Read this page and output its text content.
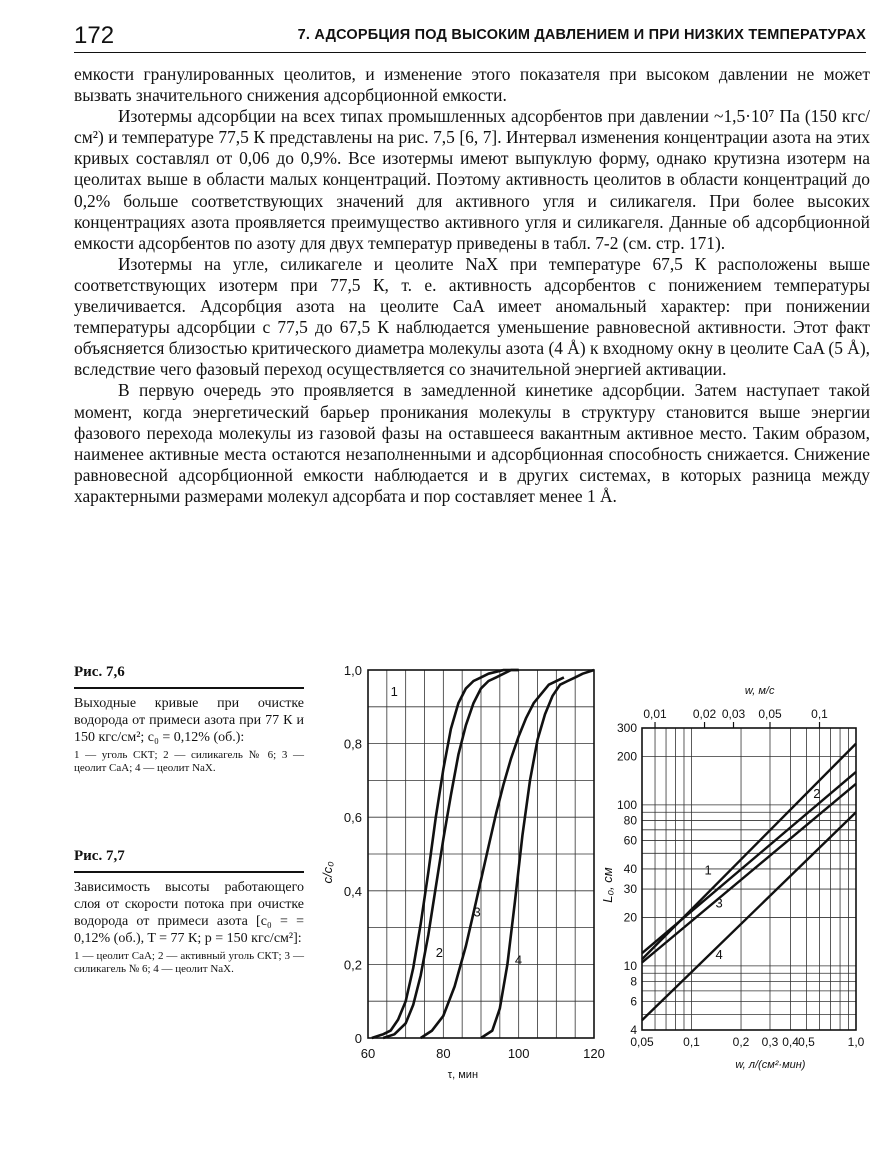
172	7. АДСОРБЦИЯ ПОД ВЫСОКИМ ДАВЛЕНИЕМ И ПРИ НИЗКИХ ТЕМПЕРАТУРАХ

емкости гранулированных цеолитов, и изменение этого показателя при высоком давлении не может вызвать значительного снижения адсорбционной емкости.

Изотермы адсорбции на всех типах промышленных адсорбентов при давлении ~1,5·10⁷ Па (150 кгс/см²) и температуре 77,5 К представлены на рис. 7,5 [6, 7]. Интервал изменения концентрации азота на этих кривых составлял от 0,06 до 0,9%. Все изотермы имеют выпуклую форму, однако крутизна изотерм на цеолитах выше в области малых концентраций. Поэтому активность цеолитов в области концентраций до 0,2% больше соответствующих значений для активного угля и силикагеля. При более высоких концентрациях азота проявляется преимущество активного угля и силикагеля. Данные об адсорбционной емкости адсорбентов по азоту для двух температур приведены в табл. 7-2 (см. стр. 171).

Изотермы на угле, силикагеле и цеолите NaX при температуре 67,5 К расположены выше соответствующих изотерм при 77,5 К, т. е. активность адсорбентов с понижением температуры увеличивается. Адсорбция азота на цеолите CaA имеет аномальный характер: при понижении температуры адсорбции с 77,5 до 67,5 К наблюдается уменьшение равновесной активности. Этот факт объясняется близостью критического диаметра молекулы азота (4 Å) к входному окну в цеолите CaA (5 Å), вследствие чего фазовый переход осуществляется со значительной энергией активации.

В первую очередь это проявляется в замедленной кинетике адсорбции. Затем наступает такой момент, когда энергетический барьер проникания молекулы в структуру становится выше энергии фазового перехода молекулы из газовой фазы на оставшееся вакантным активное место. Таким образом, наименее активные места остаются незаполненными и адсорбционная способность снижается. Снижение равновесной адсорбционной емкости наблюдается и в других системах, в которых разница между характерными размерами молекул адсорбата и пор составляет менее 1 Å.

Рис. 7,6
Выходные кривые при очистке водорода от примеси азота при 77 К и 150 кгс/см²; c₀ = 0,12% (об.):
1 — уголь СКТ; 2 — силикагель № 6; 3 — цеолит CaA; 4 — цеолит NaX.
Рис. 7,7
Зависимость высоты работающего слоя от скорости потока при очистке водорода от примеси азота [c₀ = = 0,12% (об.), T = 77 К; p = 150 кгс/см²]:
1 — цеолит CaA; 2 — активный уголь СКТ; 3 — силикагель № 6; 4 — цеолит NaX.
60	80	100	120
0
0,2
0,4
0,6
0,8
1,0
τ, мин
c/c₀
1
2
3
4
0,05 0,1	0,2 0,3 0,4 0,5	1,0
4
6
8
10
20
30
40
60
80
100
200
300
0,01 0,02 0,03 0,05 0,1
w, м/с
w, л/(см²·мин)
L₀, см	1
2
3
4
